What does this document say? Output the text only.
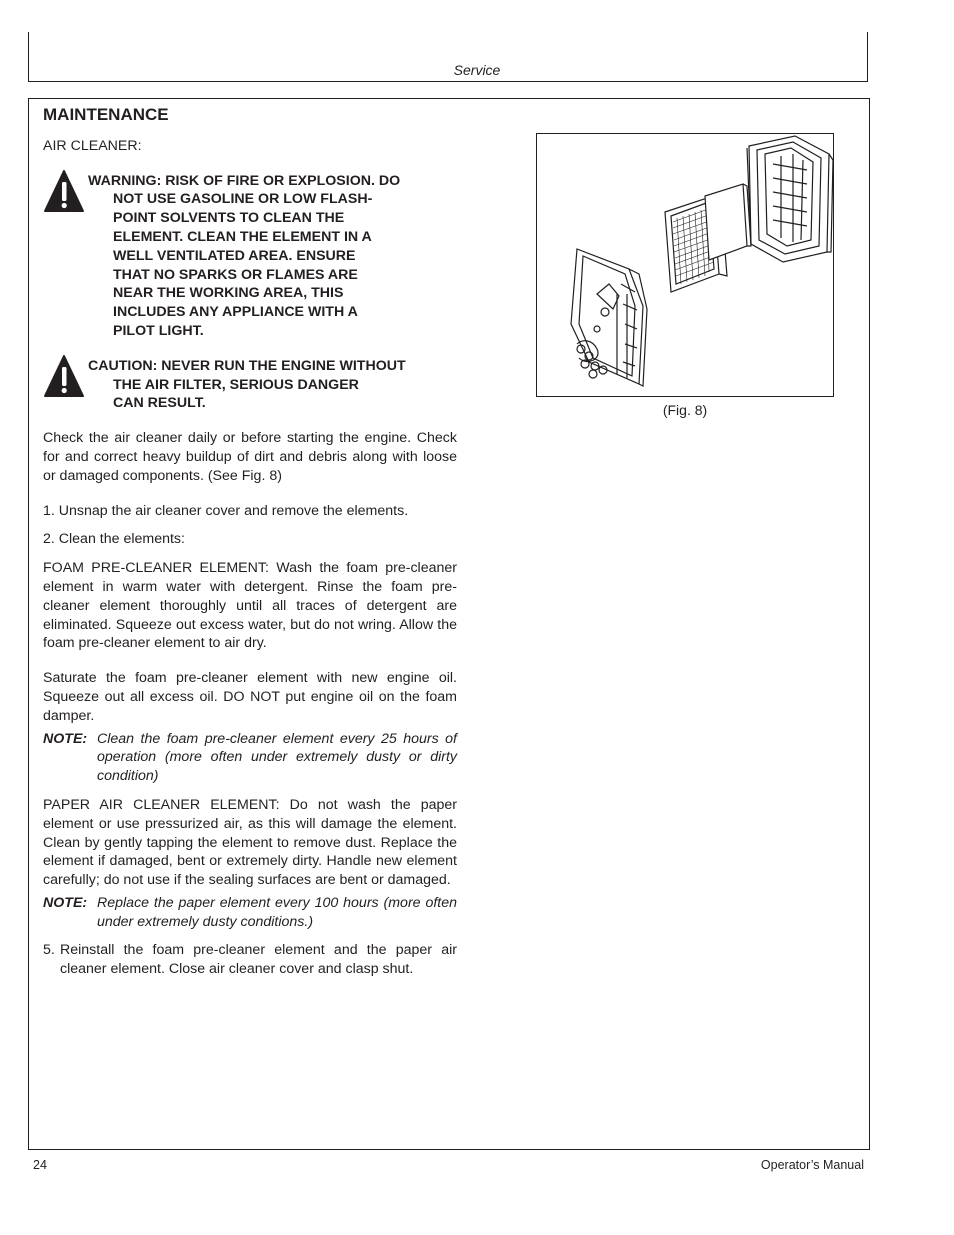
Service
MAINTENANCE
AIR CLEANER:
WARNING: RISK OF FIRE OR EXPLOSION. DO
NOT USE GASOLINE OR LOW FLASH-
POINT SOLVENTS TO CLEAN THE
ELEMENT. CLEAN THE ELEMENT IN A
WELL VENTILATED AREA. ENSURE
THAT NO SPARKS OR FLAMES ARE
NEAR THE WORKING AREA, THIS
INCLUDES ANY APPLIANCE WITH A
PILOT LIGHT.
CAUTION: NEVER RUN THE ENGINE WITHOUT
THE AIR FILTER, SERIOUS DANGER
CAN RESULT.

Check the air cleaner daily or before starting the engine. Check for and correct heavy buildup of dirt and debris along with loose or damaged components. (See Fig. 8)

1. Unsnap the air cleaner cover and remove the elements.

2. Clean the elements:

FOAM PRE-CLEANER ELEMENT: Wash the foam pre-cleaner element in warm water with detergent. Rinse the foam pre-cleaner element thoroughly until all traces of detergent are eliminated. Squeeze out excess water, but do not wring. Allow the foam pre-cleaner element to air dry.

Saturate the foam pre-cleaner element with new engine oil. Squeeze out all excess oil. DO NOT put engine oil on the foam damper.

NOTE: Clean the foam pre-cleaner element every 25 hours of operation (more often under extremely dusty or dirty condition)

PAPER AIR CLEANER ELEMENT: Do not wash the paper element or use pressurized air, as this will damage the element. Clean by gently tapping the element to remove dust. Replace the element if damaged, bent or extremely dirty. Handle new element carefully; do not use if the sealing surfaces are bent or damaged.

NOTE: Replace the paper element every 100 hours (more often under extremely dusty conditions.)
5. Reinstall the foam pre-cleaner element and the paper air cleaner element. Close air cleaner cover and clasp shut.
(Fig. 8)
24	Operator’s Manual
